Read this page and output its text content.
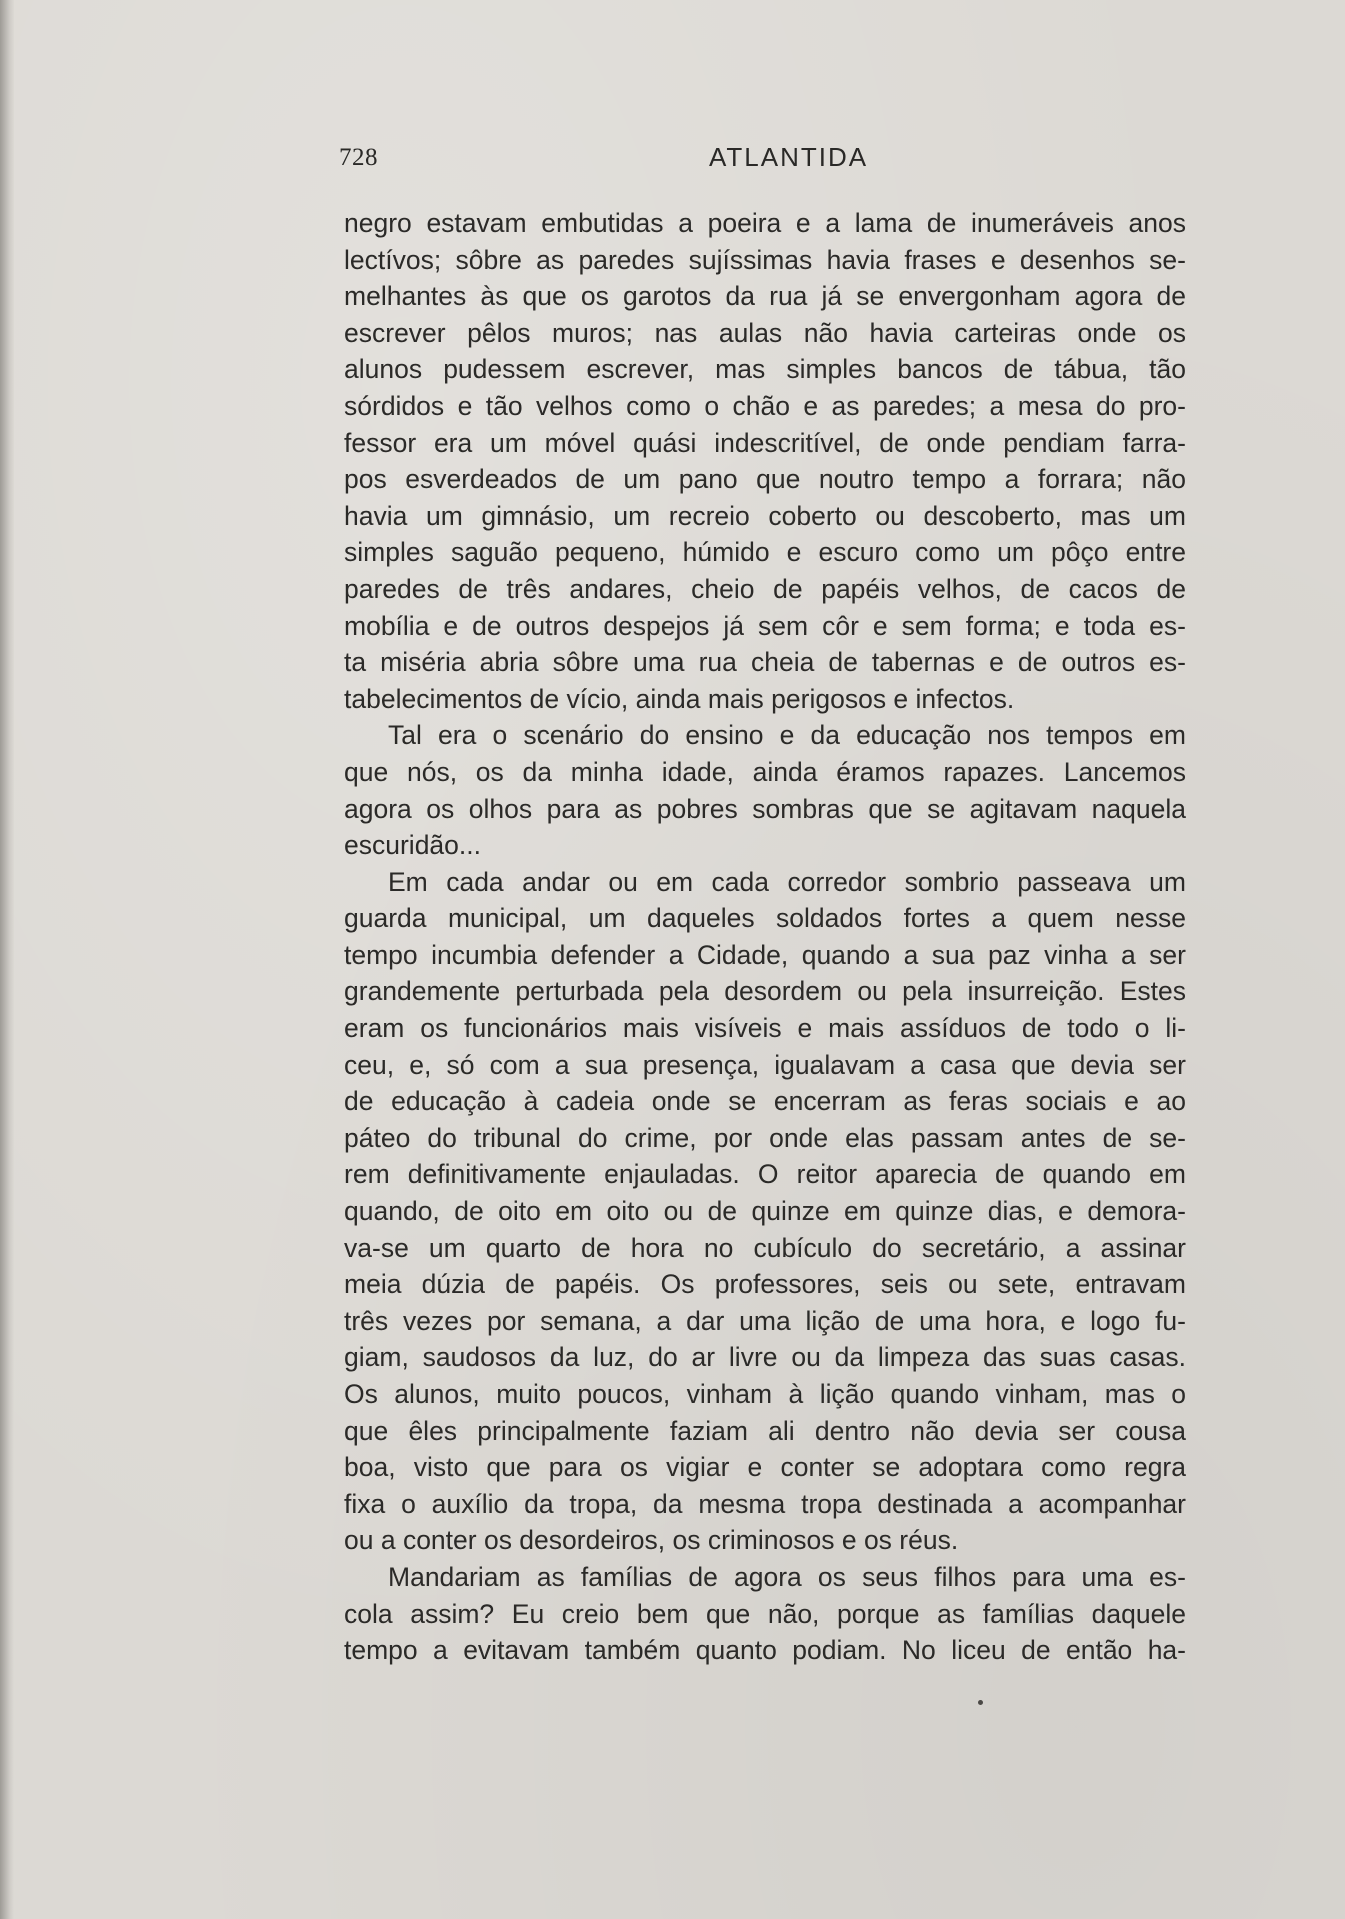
728	ATLANTIDA
negro estavam embutidas a poeira e a lama de inumeráveis anos
lectívos; sôbre as paredes sujíssimas havia frases e desenhos se-
melhantes às que os garotos da rua já se envergonham agora de
escrever pêlos muros; nas aulas não havia carteiras onde os
alunos pudessem escrever, mas simples bancos de tábua, tão
sórdidos e tão velhos como o chão e as paredes; a mesa do pro-
fessor era um móvel quási indescritível, de onde pendiam farra-
pos esverdeados de um pano que noutro tempo a forrara; não
havia um gimnásio, um recreio coberto ou descoberto, mas um
simples saguão pequeno, húmido e escuro como um pôço entre
paredes de três andares, cheio de papéis velhos, de cacos de
mobília e de outros despejos já sem côr e sem forma; e toda es-
ta miséria abria sôbre uma rua cheia de tabernas e de outros es-
tabelecimentos de vício, ainda mais perigosos e infectos.
Tal era o scenário do ensino e da educação nos tempos em
que nós, os da minha idade, ainda éramos rapazes. Lancemos
agora os olhos para as pobres sombras que se agitavam naquela
escuridão...
Em cada andar ou em cada corredor sombrio passeava um
guarda municipal, um daqueles soldados fortes a quem nesse
tempo incumbia defender a Cidade, quando a sua paz vinha a ser
grandemente perturbada pela desordem ou pela insurreição. Estes
eram os funcionários mais visíveis e mais assíduos de todo o li-
ceu, e, só com a sua presença, igualavam a casa que devia ser
de educação à cadeia onde se encerram as feras sociais e ao
páteo do tribunal do crime, por onde elas passam antes de se-
rem definitivamente enjauladas. O reitor aparecia de quando em
quando, de oito em oito ou de quinze em quinze dias, e demora-
va-se um quarto de hora no cubículo do secretário, a assinar
meia dúzia de papéis. Os professores, seis ou sete, entravam
três vezes por semana, a dar uma lição de uma hora, e logo fu-
giam, saudosos da luz, do ar livre ou da limpeza das suas casas.
Os alunos, muito poucos, vinham à lição quando vinham, mas o
que êles principalmente faziam ali dentro não devia ser cousa
boa, visto que para os vigiar e conter se adoptara como regra
fixa o auxílio da tropa, da mesma tropa destinada a acompanhar
ou a conter os desordeiros, os criminosos e os réus.
Mandariam as famílias de agora os seus filhos para uma es-
cola assim? Eu creio bem que não, porque as famílias daquele
tempo a evitavam também quanto podiam. No liceu de então ha-
